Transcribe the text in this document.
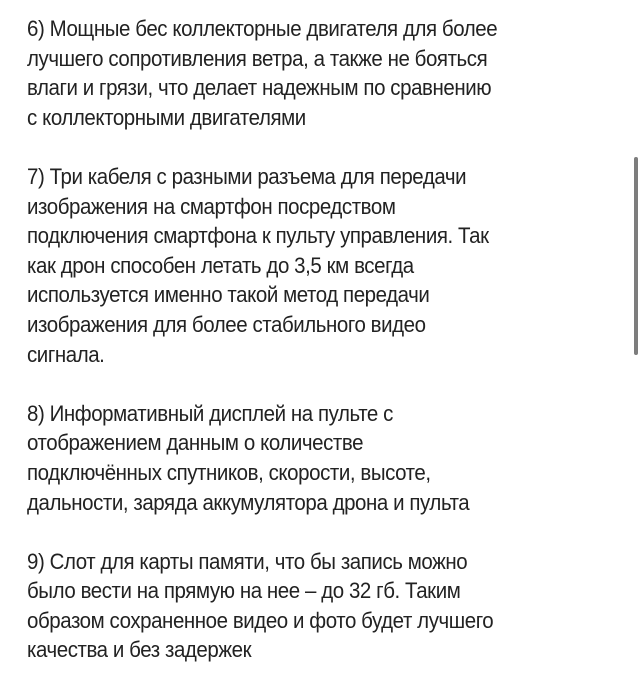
6) Мощные бес коллекторные двигателя для более
лучшего сопротивления ветра, а также не бояться
влаги и грязи, что делает надежным по сравнению
с коллекторными двигателями

7) Три кабеля с разными разъема для передачи
изображения на смартфон посредством
подключения смартфона к пульту управления. Так
как дрон способен летать до 3,5 км всегда
используется именно такой метод передачи
изображения для более стабильного видео
сигнала.

8) Информативный дисплей на пульте с
отображением данным о количестве
подключённых спутников, скорости, высоте,
дальности, заряда аккумулятора дрона и пульта

9) Слот для карты памяти, что бы запись можно
было вести на прямую на нее – до 32 гб. Таким
образом сохраненное видео и фото будет лучшего
качества и без задержек
